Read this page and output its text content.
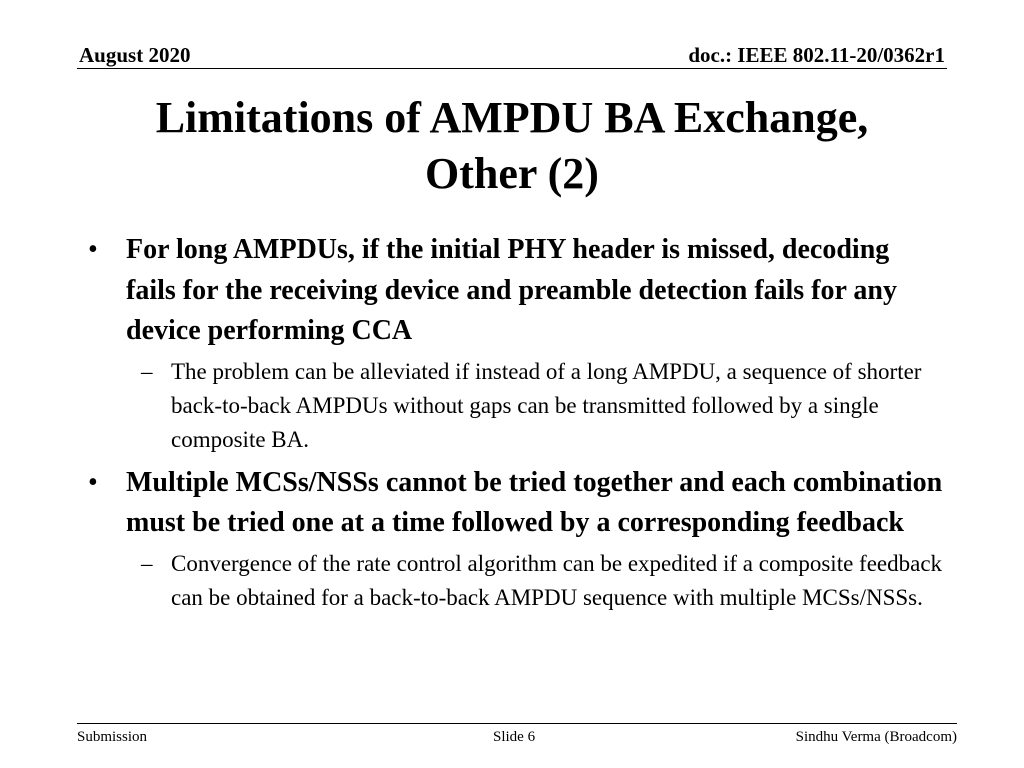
August 2020	doc.: IEEE 802.11-20/0362r1
Limitations of AMPDU BA Exchange,
Other (2)
• For long AMPDUs, if the initial PHY header is missed, decoding fails for the receiving device and preamble detection fails for any device performing CCA
– The problem can be alleviated if instead of a long AMPDU, a sequence of shorter back-to-back AMPDUs without gaps can be transmitted followed by a single composite BA.
• Multiple MCSs/NSSs cannot be tried together and each combination must be tried one at a time followed by a corresponding feedback
– Convergence of the rate control algorithm can be expedited if a composite feedback can be obtained for a back-to-back AMPDU sequence with multiple MCSs/NSSs.
Submission	Slide 6	Sindhu Verma (Broadcom)
